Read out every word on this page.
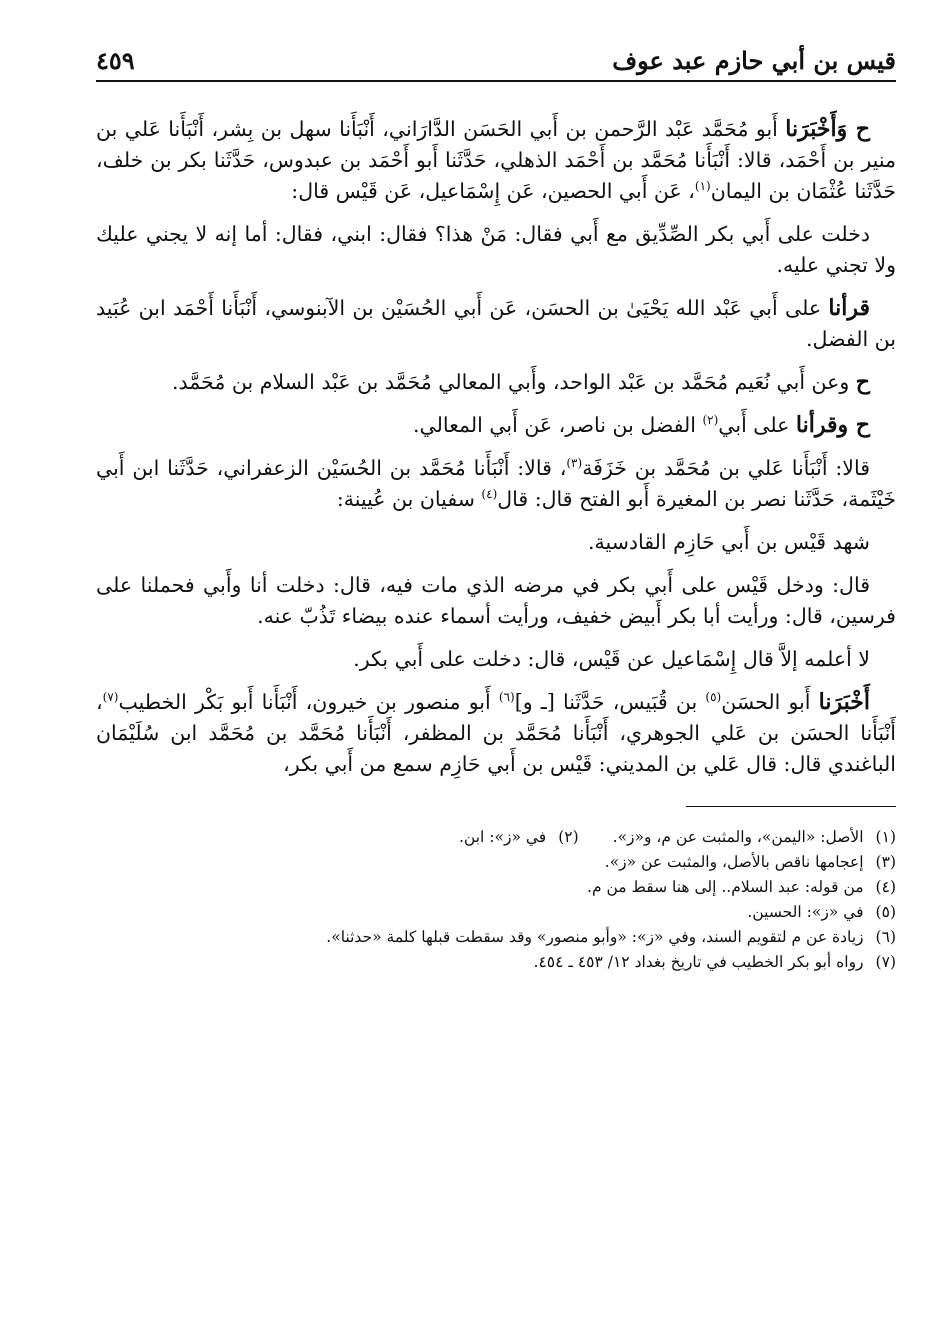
قيس بن أبي حازم عبد عوف
٤٥٩

ح وَأَخْبَرَنا أَبو مُحَمَّد عَبْد الرَّحمن بن أَبي الحَسَن الدَّارَاني، أَنْبَأَنا سهل بن بِشر، أَنْبَأَنا عَلي بن منير بن أَحْمَد، قالا: أَنْبَأَنا مُحَمَّد بن أَحْمَد الذهلي، حَدَّثَنا أَبو أَحْمَد بن عبدوس، حَدَّثَنا بكر بن خلف، حَدَّثَنا عُثْمَان بن اليمان$^{(١)}$، عَن أَبي الحصين، عَن إِسْمَاعيل، عَن قَيْس قال:

دخلت على أَبي بكر الصِّدِّيق مع أَبي فقال: مَنْ هذا؟ فقال: ابني، فقال: أما إنه لا يجني عليك ولا تجني عليه.

قرأنا على أَبي عَبْد الله يَحْيَىٰ بن الحسَن، عَن أَبي الحُسَيْن بن الآبنوسي، أَنْبَأَنا أَحْمَد ابن عُبَيد بن الفضل.

ح وعن أَبي نُعَيم مُحَمَّد بن عَبْد الواحد، وأَبي المعالي مُحَمَّد بن عَبْد السلام بن مُحَمَّد.

ح وقرأنا على أَبي$^{(٢)}$ الفضل بن ناصر، عَن أَبي المعالي.

قالا: أَنْبَأَنا عَلي بن مُحَمَّد بن خَزَفَة$^{(٣)}$، قالا: أَنْبَأَنا مُحَمَّد بن الحُسَيْن الزعفراني، حَدَّثَنا ابن أَبي خَيْثَمة، حَدَّثَنا نصر بن المغيرة أَبو الفتح قال: قال$^{(٤)}$ سفيان بن عُيينة:

شهد قَيْس بن أَبي حَازِم القادسية.

قال: ودخل قَيْس على أَبي بكر في مرضه الذي مات فيه، قال: دخلت أنا وأَبي فحملنا على فرسين، قال: ورأيت أبا بكر أَبيض خفيف، ورأيت أسماء عنده بيضاء تَذُبّ عنه.

لا أعلمه إلاَّ قال إِسْمَاعيل عن قَيْس، قال: دخلت على أَبي بكر.

أَخْبَرَنا أَبو الحسَن$^{(٥)}$ بن قُبَيس، حَدَّثَنا [ـ و]$^{(٦)}$ أَبو منصور بن خيرون، أَنْبَأَنا أَبو بَكْر الخطيب$^{(٧)}$، أَنْبَأَنا الحسَن بن عَلي الجوهري، أَنْبَأَنا مُحَمَّد بن المظفر، أَنْبَأَنا مُحَمَّد بن مُحَمَّد ابن سُلَيْمَان الباغندي قال: قال عَلي بن المديني: قَيْس بن أَبي حَازِم سمع من أَبي بكر،

(١)الأصل: «اليمن»، والمثبت عن م، و«ز».
(٢)في «ز»: ابن.
(٣)إعجامها ناقص بالأصل، والمثبت عن «ز».
(٤)من قوله: عبد السلام.. إلى هنا سقط من م.
(٥)في «ز»: الحسين.
(٦)زيادة عن م لتقويم السند، وفي «ز»: «وأبو منصور» وقد سقطت قبلها كلمة «حدثنا».
(٧)رواه أبو بكر الخطيب في تاريخ بغداد ١٢/ ٤٥٣ ـ ٤٥٤.
